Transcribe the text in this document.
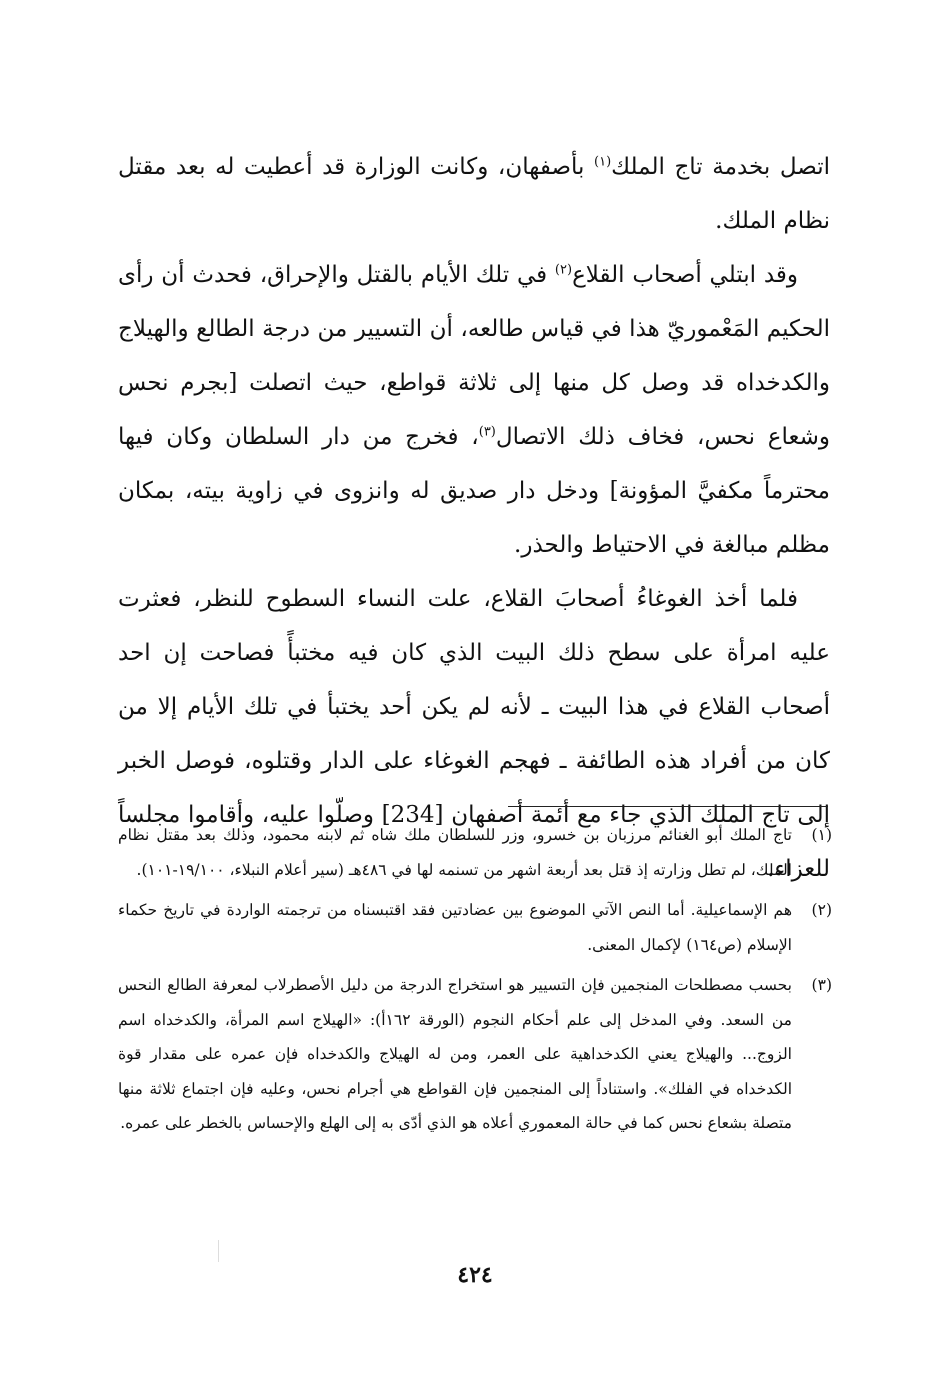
اتصل بخدمة تاج الملك$^{(١)}$ بأصفهان، وكانت الوزارة قد أعطيت له بعد مقتل نظام الملك.

وقد ابتلي أصحاب القلاع$^{(٢)}$ في تلك الأيام بالقتل والإحراق، فحدث أن رأى الحكيم المَعْموريّ هذا في قياس طالعه، أن التسيير من درجة الطالع والهيلاج والكدخداه قد وصل كل منها إلى ثلاثة قواطع، حيث اتصلت [بجرم نحس وشعاع نحس، فخاف ذلك الاتصال$^{(٣)}$، فخرج من دار السلطان وكان فيها محترماً مكفيَّ المؤونة] ودخل دار صديق له وانزوى في زاوية بيته، بمكان مظلم مبالغة في الاحتياط والحذر.

فلما أخذ الغوغاءُ أصحابَ القلاع، علت النساء السطوح للنظر، فعثرت عليه امرأة على سطح ذلك البيت الذي كان فيه مختبأً فصاحت إن احد أصحاب القلاع في هذا البيت ـ لأنه لم يكن أحد يختبأ في تلك الأيام إلا من كان من أفراد هذه الطائفة ـ فهجم الغوغاء على الدار وقتلوه، فوصل الخبر إلى تاج الملك الذي جاء مع أئمة أصفهان [234] وصلّوا عليه، وأقاموا مجلساً للعزاء.

(١)تاج الملك أبو الغنائم مرزبان بن خسرو، وزر للسلطان ملك شاه ثم لابنه محمود، وذلك بعد مقتل نظام الملك، لم تطل وزارته إذ قتل بعد أربعة اشهر من تسنمه لها في ٤٨٦هـ (سير أعلام النبلاء، ١٩/١٠٠-١٠١).

(٢)هم الإسماعيلية. أما النص الآتي الموضوع بين عضادتين فقد اقتبسناه من ترجمته الواردة في تاريخ حكماء الإسلام (ص١٦٤) لإكمال المعنى.

(٣)بحسب مصطلحات المنجمين فإن التسيير هو استخراج الدرجة من دليل الأصطرلاب لمعرفة الطالع النحس من السعد. وفي المدخل إلى علم أحكام النجوم (الورقة ١٦٢أ): «الهيلاج اسم المرأة، والكدخداه اسم الزوج... والهيلاج يعني الكدخداهية على العمر، ومن له الهيلاج والكدخداه فإن عمره على مقدار قوة الكدخداه في الفلك». واستناداً إلى المنجمين فإن القواطع هي أجرام نحس، وعليه فإن اجتماع ثلاثة منها متصلة بشعاع نحس كما في حالة المعموري أعلاه هو الذي أدّى به إلى الهلع والإحساس بالخطر على عمره.

٤٢٤
